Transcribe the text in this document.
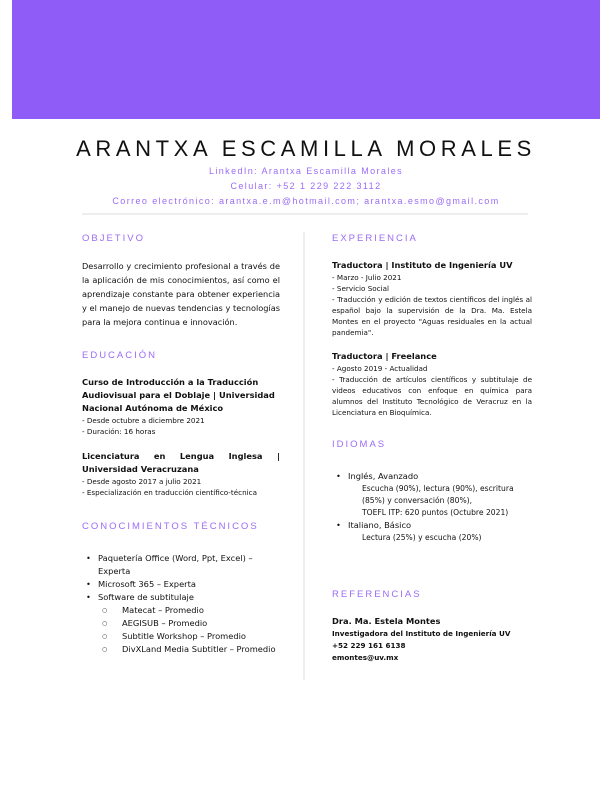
ARANTXA ESCAMILLA MORALES
LinkedIn: Arantxa Escamilla Morales
Celular: +52 1 229 222 3112
Correo electrónico: arantxa.e.m@hotmail.com; arantxa.esmo@gmail.com
OBJETIVO
Desarrollo y crecimiento profesional a través de la aplicación de mis conocimientos, así como el aprendizaje constante para obtener experiencia y el manejo de nuevas tendencias y tecnologías para la mejora continua e innovación.
EDUCACIÓN
Curso de Introducción a la Traducción Audiovisual para el Doblaje | Universidad Nacional Autónoma de México
- Desde octubre a diciembre 2021
- Duración: 16 horas
Licenciatura en Lengua Inglesa | Universidad Veracruzana
- Desde agosto 2017 a julio 2021
- Especialización en traducción científico-técnica
CONOCIMIENTOS TÉCNICOS
• Paquetería Office (Word, Ppt, Excel) – Experta
• Microsoft 365 – Experta
• Software de subtitulaje
○ Matecat – Promedio
○ AEGISUB – Promedio
○ Subtitle Workshop – Promedio
○ DivXLand Media Subtitler – Promedio
EXPERIENCIA
Traductora | Instituto de Ingeniería UV
- Marzo - Julio 2021
- Servicio Social
- Traducción y edición de textos científicos del inglés al español bajo la supervisión de la Dra. Ma. Estela Montes en el proyecto "Aguas residuales en la actual pandemia".
Traductora | Freelance
- Agosto 2019 - Actualidad
- Traducción de artículos científicos y subtitulaje de videos educativos con enfoque en química para alumnos del Instituto Tecnológico de Veracruz en la Licenciatura en Bioquímica.
IDIOMAS
• Inglés, Avanzado
Escucha (90%), lectura (90%), escritura (85%) y conversación (80%),
TOEFL ITP: 620 puntos (Octubre 2021)
• Italiano, Básico
Lectura (25%) y escucha (20%)
REFERENCIAS
Dra. Ma. Estela Montes
Investigadora del Instituto de Ingeniería UV
+52 229 161 6138
emontes@uv.mx
